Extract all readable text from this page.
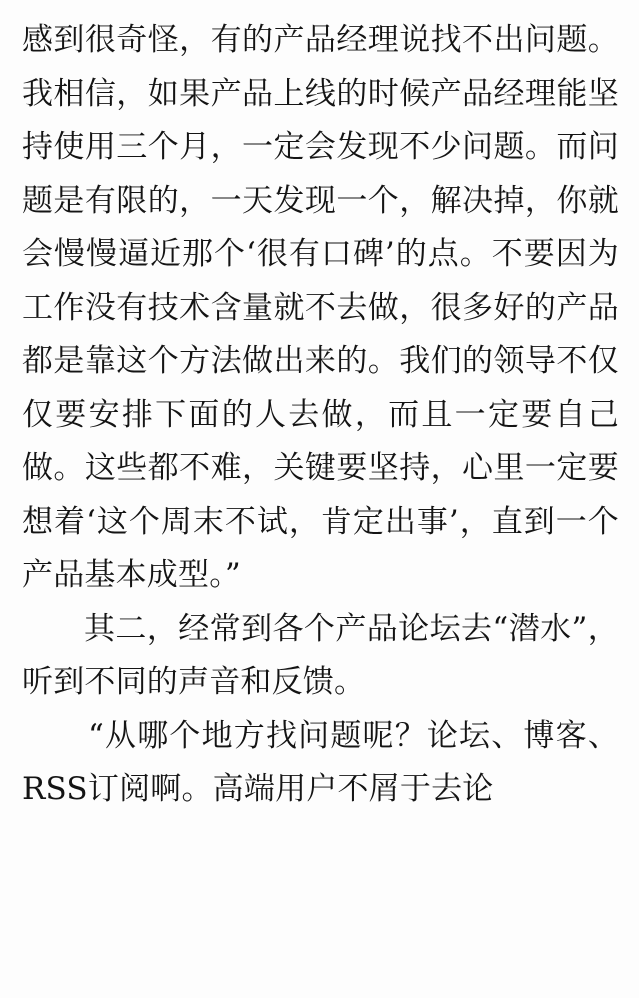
感到很奇怪，有的产品经理说找不出问题。我相信，如果产品上线的时候产品经理能坚持使用三个月，一定会发现不少问题。而问题是有限的，一天发现一个，解决掉，你就会慢慢逼近那个‘很有口碑’的点。不要因为工作没有技术含量就不去做，很多好的产品都是靠这个方法做出来的。我们的领导不仅仅要安排下面的人去做，而且一定要自己做。这些都不难，关键要坚持，心里一定要想着‘这个周末不试，肯定出事’，直到一个产品基本成型。”

其二，经常到各个产品论坛去“潜水”，听到不同的声音和反馈。

“从哪个地方找问题呢？论坛、博客、RSS订阅啊。高端用户不屑于去论
